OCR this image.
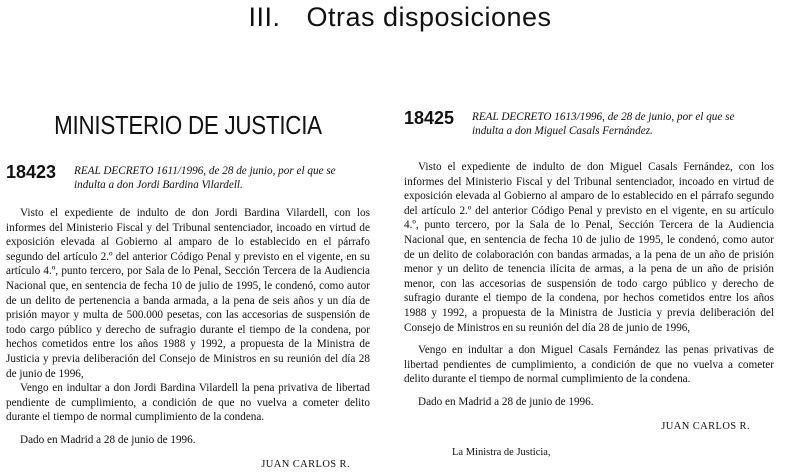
III. Otras disposiciones
MINISTERIO DE JUSTICIA
18423 REAL DECRETO 1611/1996, de 28 de junio, por el que se
indulta a don Jordi Bardina Vilardell.

Visto el expediente de indulto de don Jordi Bardina Vilardell, con los informes del Ministerio Fiscal y del Tribunal sentenciador, incoado en virtud de exposición elevada al Gobierno al amparo de lo establecido en el párrafo segundo del artículo 2.º del anterior Código Penal y previsto en el vigente, en su artículo 4.º, punto tercero, por Sala de lo Penal, Sección Tercera de la Audiencia Nacional que, en sentencia de fecha 10 de julio de 1995, le condenó, como autor de un delito de pertenencia a banda armada, a la pena de seis años y un día de prisión mayor y multa de 500.000 pesetas, con las accesorias de suspensión de todo cargo público y derecho de sufragio durante el tiempo de la condena, por hechos cometidos entre los años 1988 y 1992, a propuesta de la Ministra de Justicia y previa deliberación del Consejo de Ministros en su reunión del día 28 de junio de 1996,

Vengo en indultar a don Jordi Bardina Vilardell la pena privativa de libertad pendiente de cumplimiento, a condición de que no vuelva a cometer delito durante el tiempo de normal cumplimiento de la condena.

Dado en Madrid a 28 de junio de 1996.

JUAN CARLOS R.
18425 REAL DECRETO 1613/1996, de 28 de junio, por el que se
indulta a don Miguel Casals Fernández.

Visto el expediente de indulto de don Miguel Casals Fernández, con los informes del Ministerio Fiscal y del Tribunal sentenciador, incoado en virtud de exposición elevada al Gobierno al amparo de lo establecido en el párrafo segundo del artículo 2.º del anterior Código Penal y previsto en el vigente, en su artículo 4.º, punto tercero, por la Sala de lo Penal, Sección Tercera de la Audiencia Nacional que, en sentencia de fecha 10 de julio de 1995, le condenó, como autor de un delito de colaboración con bandas armadas, a la pena de un año de prisión menor y un delito de tenencia ilícita de armas, a la pena de un año de prisión menor, con las accesorias de suspensión de todo cargo público y derecho de sufragio durante el tiempo de la condena, por hechos cometidos entre los años 1988 y 1992, a propuesta de la Ministra de Justicia y previa deliberación del Consejo de Ministros en su reunión del día 28 de junio de 1996,

Vengo en indultar a don Miguel Casals Fernández las penas privativas de libertad pendientes de cumplimiento, a condición de que no vuelva a cometer delito durante el tiempo de normal cumplimiento de la condena.

Dado en Madrid a 28 de junio de 1996.

JUAN CARLOS R.
La Ministra de Justicia,
